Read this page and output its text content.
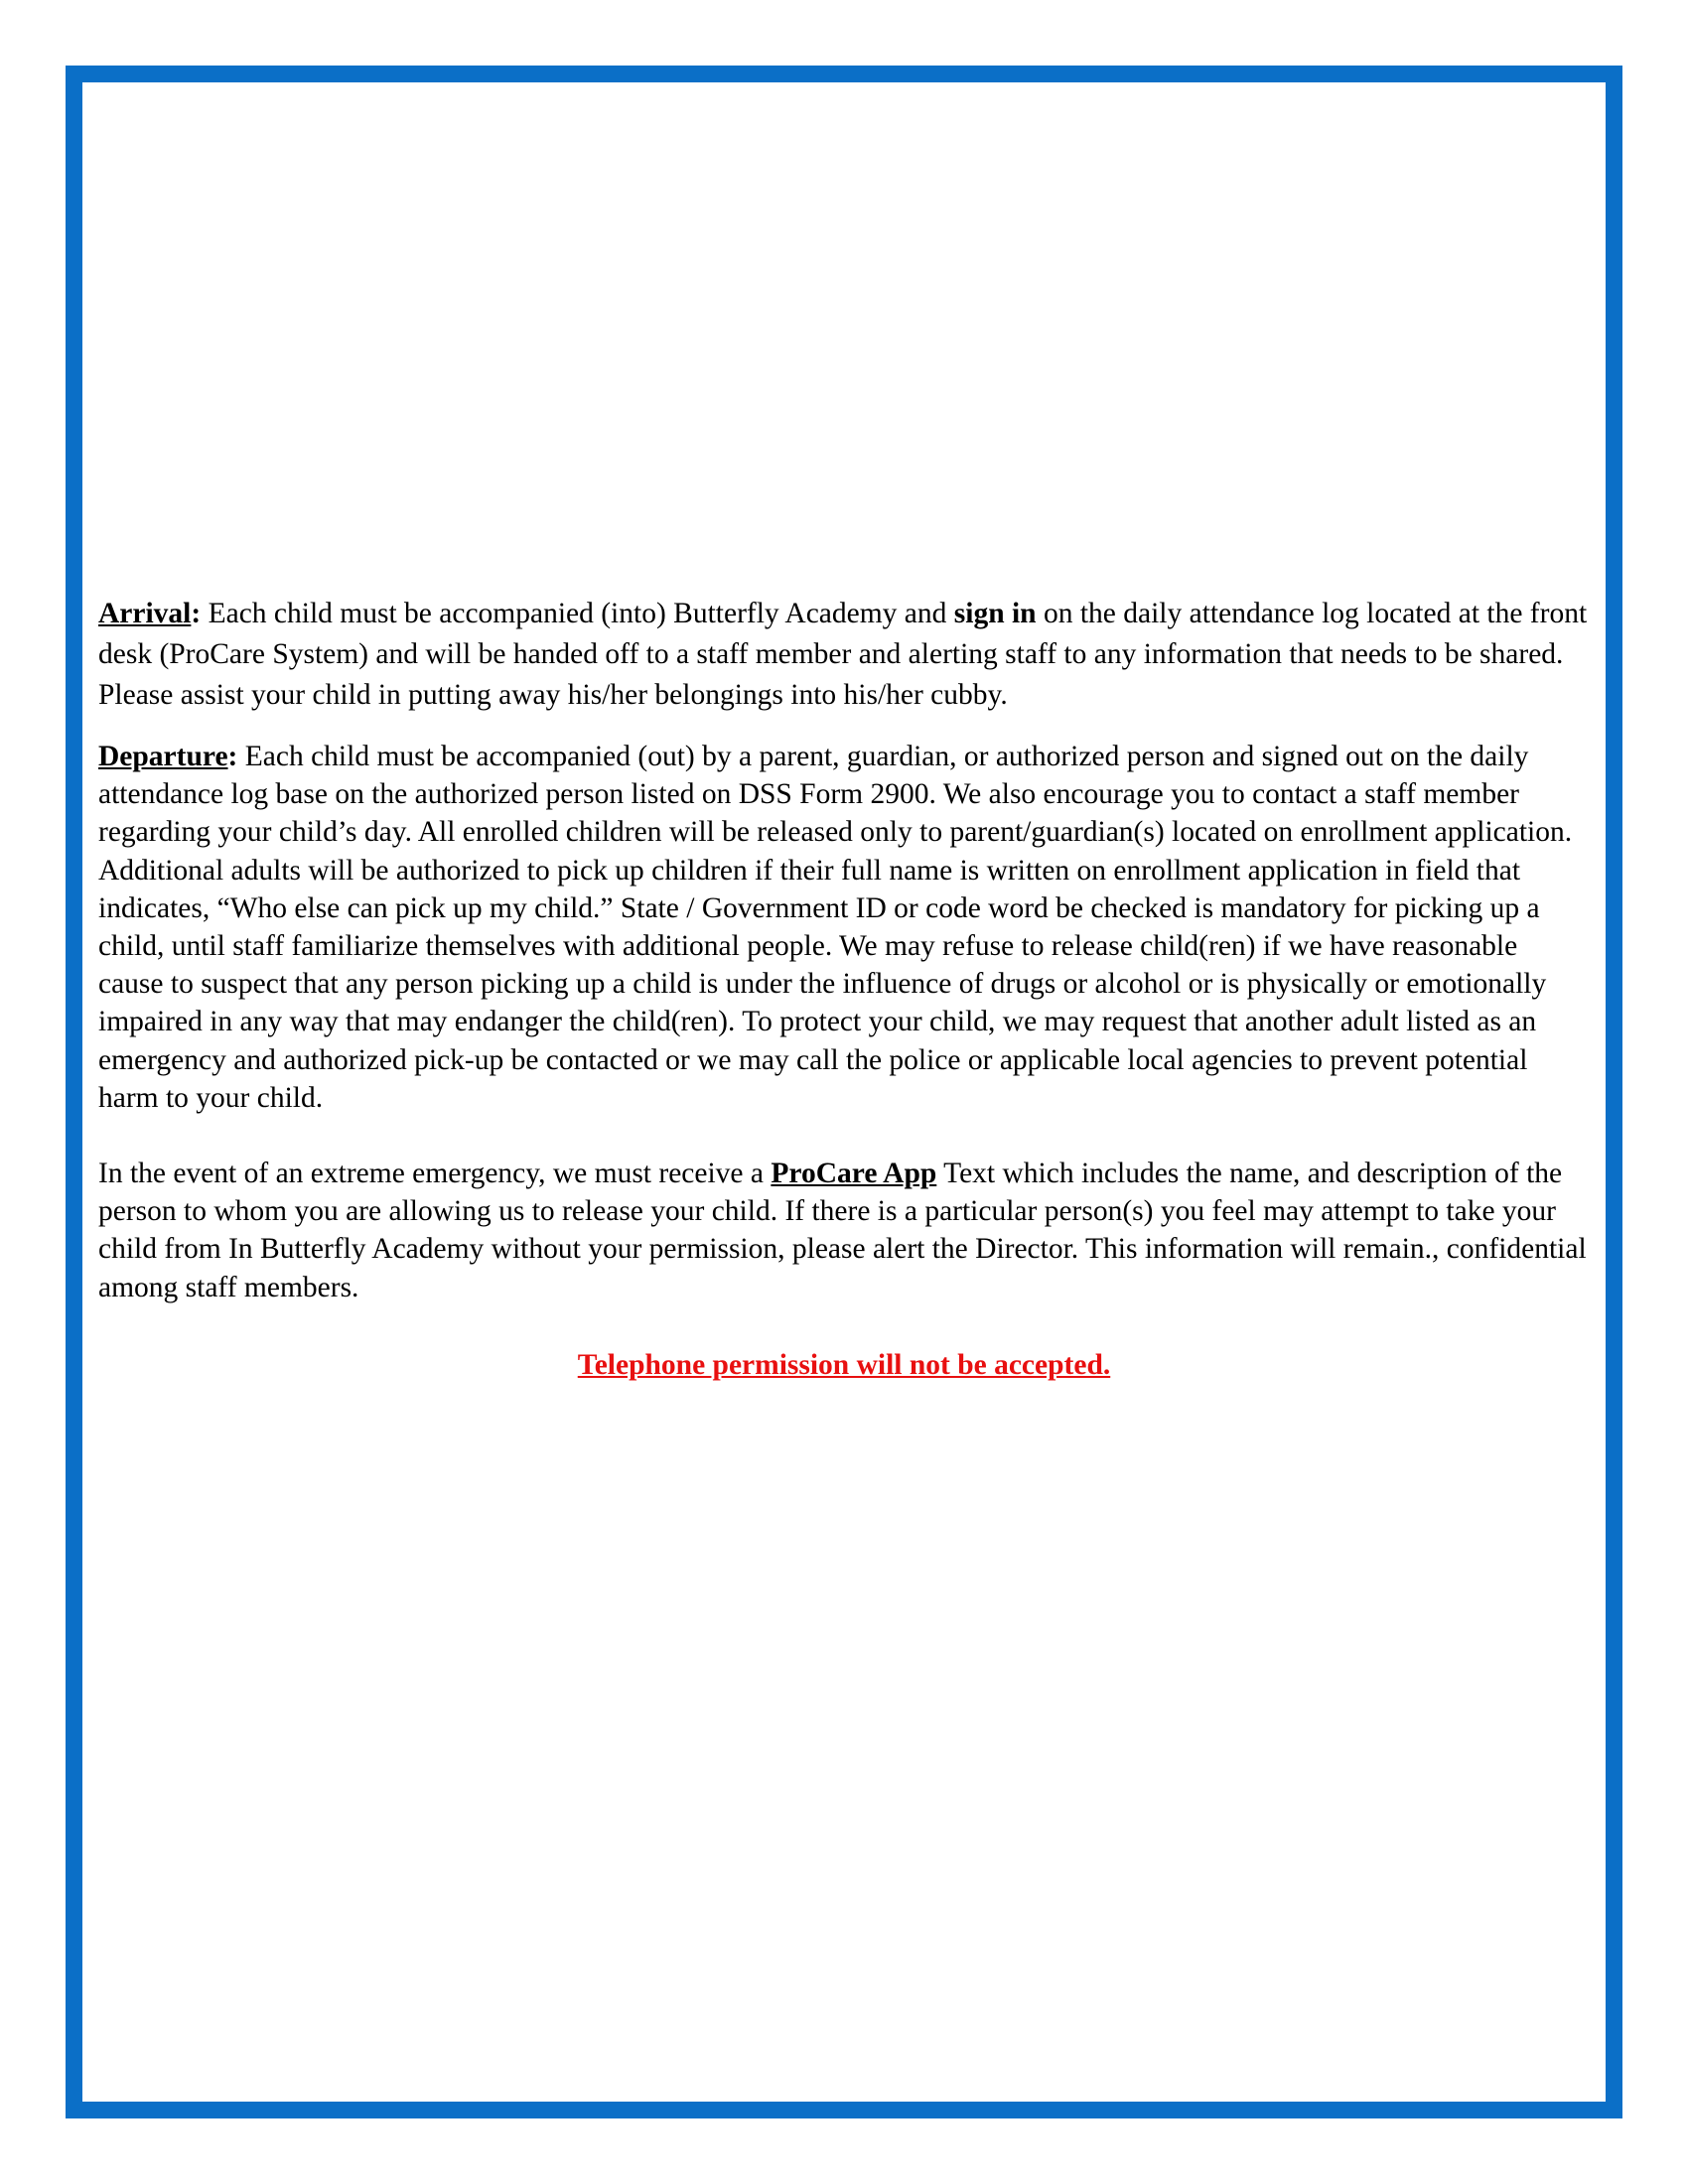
Arrival: Each child must be accompanied (into) Butterfly Academy and sign in on the daily attendance log located at the front desk (ProCare System) and will be handed off to a staff member and alerting staff to any information that needs to be shared. Please assist your child in putting away his/her belongings into his/her cubby.

Departure: Each child must be accompanied (out) by a parent, guardian, or authorized person and signed out on the daily attendance log base on the authorized person listed on DSS Form 2900. We also encourage you to contact a staff member regarding your child’s day. All enrolled children will be released only to parent/guardian(s) located on enrollment application. Additional adults will be authorized to pick up children if their full name is written on enrollment application in field that indicates, “Who else can pick up my child.” State / Government ID or code word be checked is mandatory for picking up a child, until staff familiarize themselves with additional people. We may refuse to release child(ren) if we have reasonable cause to suspect that any person picking up a child is under the influence of drugs or alcohol or is physically or emotionally impaired in any way that may endanger the child(ren). To protect your child, we may request that another adult listed as an emergency and authorized pick-up be contacted or we may call the police or applicable local agencies to prevent potential harm to your child.

In the event of an extreme emergency, we must receive a ProCare App Text which includes the name, and description of the person to whom you are allowing us to release your child. If there is a particular person(s) you feel may attempt to take your child from In Butterfly Academy without your permission, please alert the Director. This information will remain., confidential among staff members.

Telephone permission will not be accepted.
